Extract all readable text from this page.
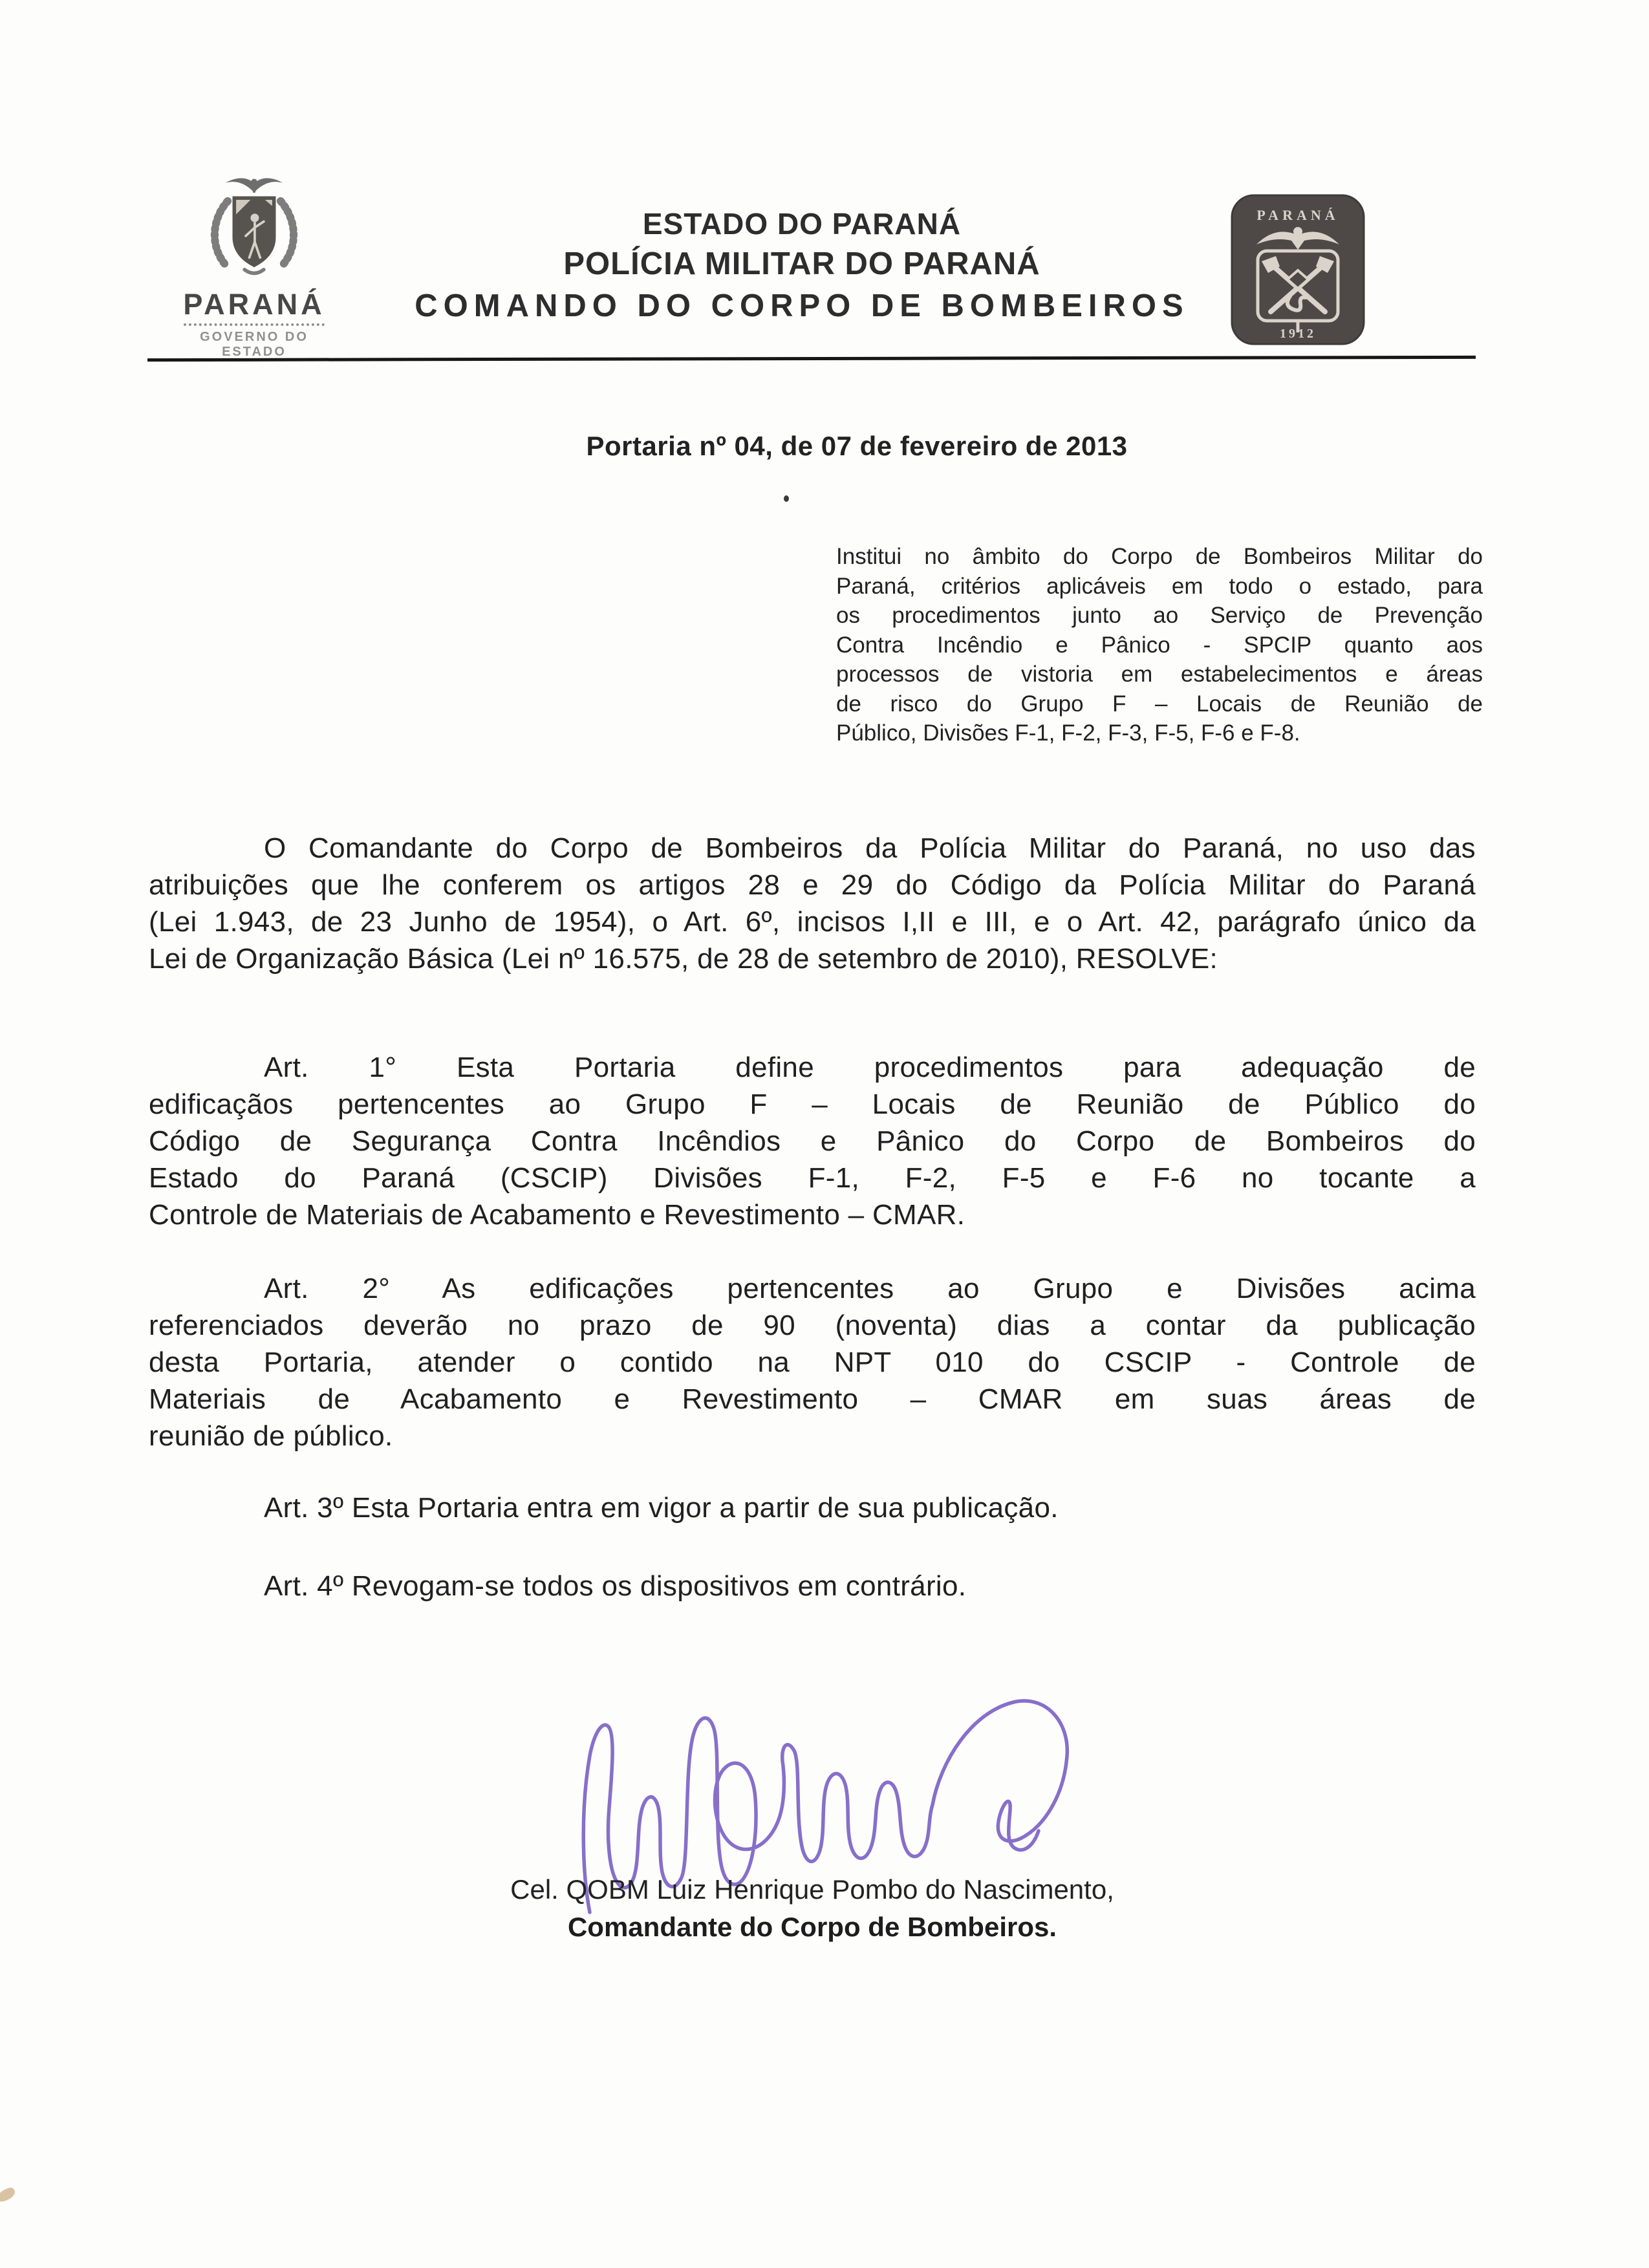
PARANÁ
GOVERNO DO ESTADO
ESTADO DO PARANÁ
POLÍCIA MILITAR DO PARANÁ
COMANDO DO CORPO DE BOMBEIROS
PARANÁ
1912
Portaria nº 04, de 07 de fevereiro de 2013
Institui no âmbito do Corpo de Bombeiros Militar do
Paraná, critérios aplicáveis em todo o estado, para
os procedimentos junto ao Serviço de Prevenção
Contra Incêndio e Pânico - SPCIP quanto aos
processos de vistoria em estabelecimentos e áreas
de risco do Grupo F – Locais de Reunião de
Público, Divisões F-1, F-2, F-3, F-5, F-6 e F-8.
O Comandante do Corpo de Bombeiros da Polícia Militar do Paraná, no uso das
atribuições que lhe conferem os artigos 28 e 29 do Código da Polícia Militar do Paraná
(Lei 1.943, de 23 Junho de 1954), o Art. 6º, incisos I,II e III, e o Art. 42, parágrafo único da
Lei de Organização Básica (Lei nº 16.575, de 28 de setembro de 2010), RESOLVE:
Art. 1° Esta Portaria define procedimentos para adequação de
edificaçãos pertencentes ao Grupo F – Locais de Reunião de Público do
Código de Segurança Contra Incêndios e Pânico do Corpo de Bombeiros do
Estado do Paraná (CSCIP) Divisões F-1, F-2, F-5 e F-6 no tocante a
Controle de Materiais de Acabamento e Revestimento – CMAR.
Art. 2° As edificações pertencentes ao Grupo e Divisões acima
referenciados deverão no prazo de 90 (noventa) dias a contar da publicação
desta Portaria, atender o contido na NPT 010 do CSCIP - Controle de
Materiais de Acabamento e Revestimento – CMAR em suas áreas de
reunião de público.
Art. 3º Esta Portaria entra em vigor a partir de sua publicação.
Art. 4º Revogam-se todos os dispositivos em contrário.
Cel. QOBM Luiz Henrique Pombo do Nascimento,
Comandante do Corpo de Bombeiros.
